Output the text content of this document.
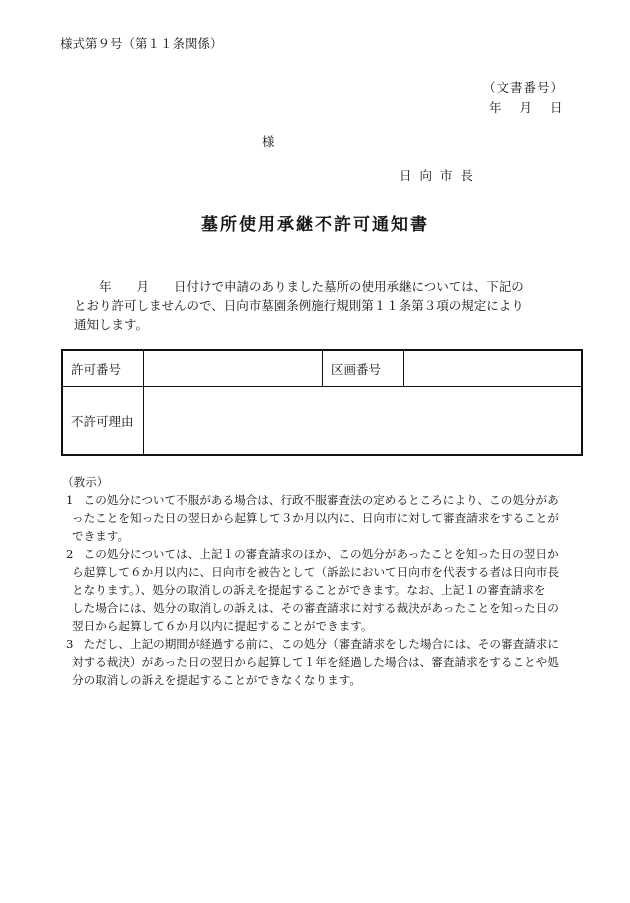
様式第９号（第１１条関係）
（文書番号）
年 月 日
様
日 向 市 長
墓所使用承継不許可通知書
　　年　　月　　日付けで申請のありました墓所の使用承継については、下記の
とおり許可しませんので、日向市墓園条例施行規則第１１条第３項の規定により
通知します。
許可番号		区画番号	
不許可理由			
（教示）
1
　この処分について不服がある場合は、行政不服審査法の定めるところにより、この処分があ
ったことを知った日の翌日から起算して３か月以内に、日向市に対して審査請求をすることが
できます。
2
　この処分については、上記１の審査請求のほか、この処分があったことを知った日の翌日か
ら起算して６か月以内に、日向市を被告として（訴訟において日向市を代表する者は日向市長
となります。）、処分の取消しの訴えを提起することができます。なお、上記１の審査請求を
した場合には、処分の取消しの訴えは、その審査請求に対する裁決があったことを知った日の
翌日から起算して６か月以内に提起することができます。
3
　ただし、上記の期間が経過する前に、この処分（審査請求をした場合には、その審査請求に
対する裁決）があった日の翌日から起算して１年を経過した場合は、審査請求をすることや処
分の取消しの訴えを提起することができなくなります。
